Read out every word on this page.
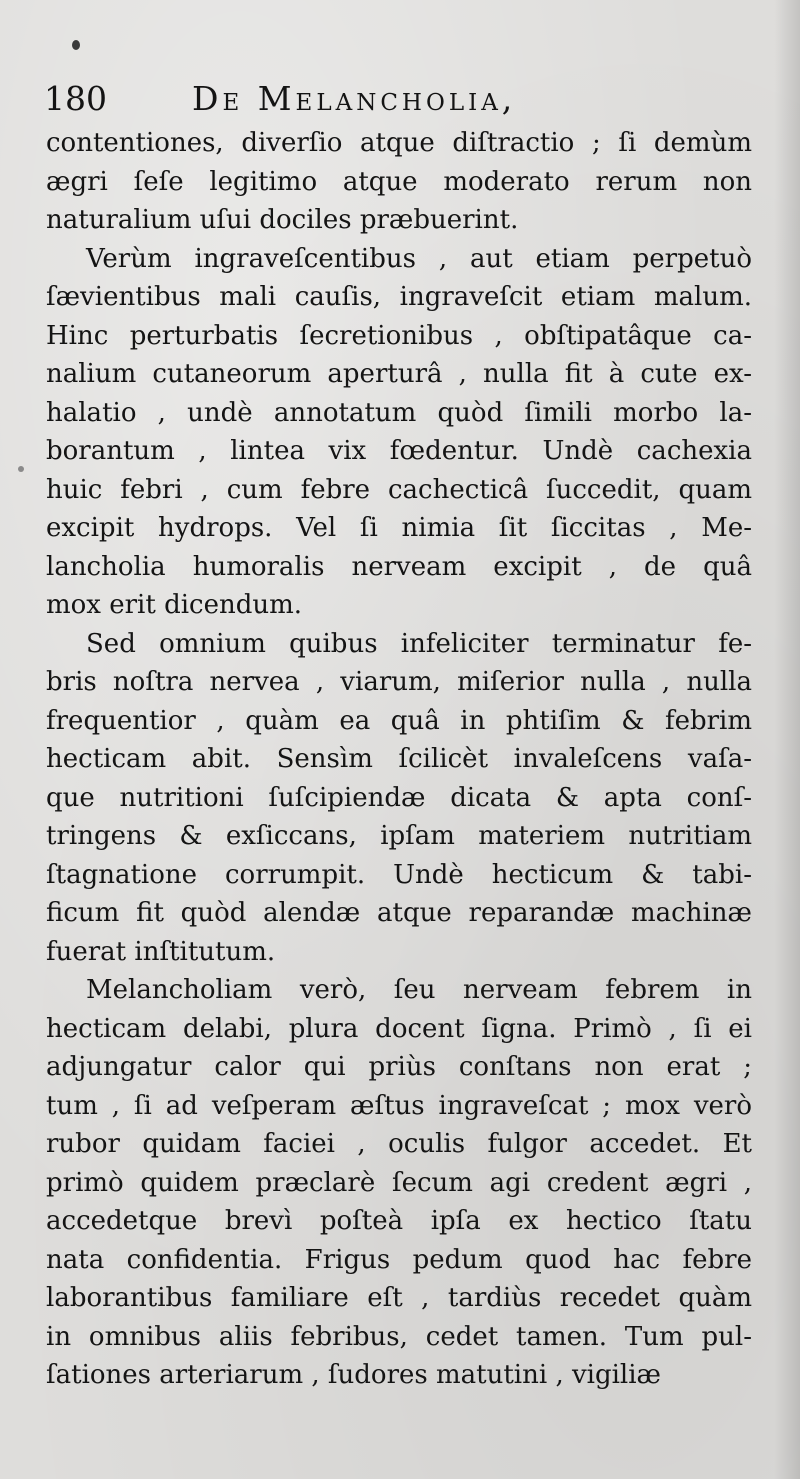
180	De Melancholia,
contentiones, diverſio atque diſtractio ; ſi demùm
ægri ſeſe legitimo atque moderato rerum non
naturalium uſui dociles præbuerint.
Verùm ingraveſcentibus , aut etiam perpetuò
ſævientibus mali cauſis, ingraveſcit etiam malum.
Hinc perturbatis ſecretionibus , obſtipatâque ca-
nalium cutaneorum aperturâ , nulla fit à cute ex-
halatio , undè annotatum quòd ſimili morbo la-
borantum , lintea vix fœdentur. Undè cachexia
huic febri , cum febre cachecticâ ſuccedit, quam
excipit hydrops. Vel ſi nimia ſit ſiccitas , Me-
lancholia humoralis nerveam excipit , de quâ
mox erit dicendum.
Sed omnium quibus infeliciter terminatur fe-
bris noſtra nervea , viarum, miſerior nulla , nulla
frequentior , quàm ea quâ in phtiſim & febrim
hecticam abit. Sensìm ſcilicèt invaleſcens vaſa-
que nutritioni ſuſcipiendæ dicata & apta conſ-
tringens & exſiccans, ipſam materiem nutritiam
ſtagnatione corrumpit. Undè hecticum & tabi-
ficum fit quòd alendæ atque reparandæ machinæ
fuerat inſtitutum.
Melancholiam verò, ſeu nerveam febrem in
hecticam delabi, plura docent ſigna. Primò , ſi ei
adjungatur calor qui priùs conſtans non erat ;
tum , ſi ad veſperam æſtus ingraveſcat ; mox verò
rubor quidam faciei , oculis fulgor accedet. Et
primò quidem præclarè ſecum agi credent ægri ,
accedetque brevì poſteà ipſa ex hectico ſtatu
nata confidentia. Frigus pedum quod hac febre
laborantibus familiare eſt , tardiùs recedet quàm
in omnibus aliis febribus, cedet tamen. Tum pul-
ſationes arteriarum , ſudores matutini , vigiliæ
